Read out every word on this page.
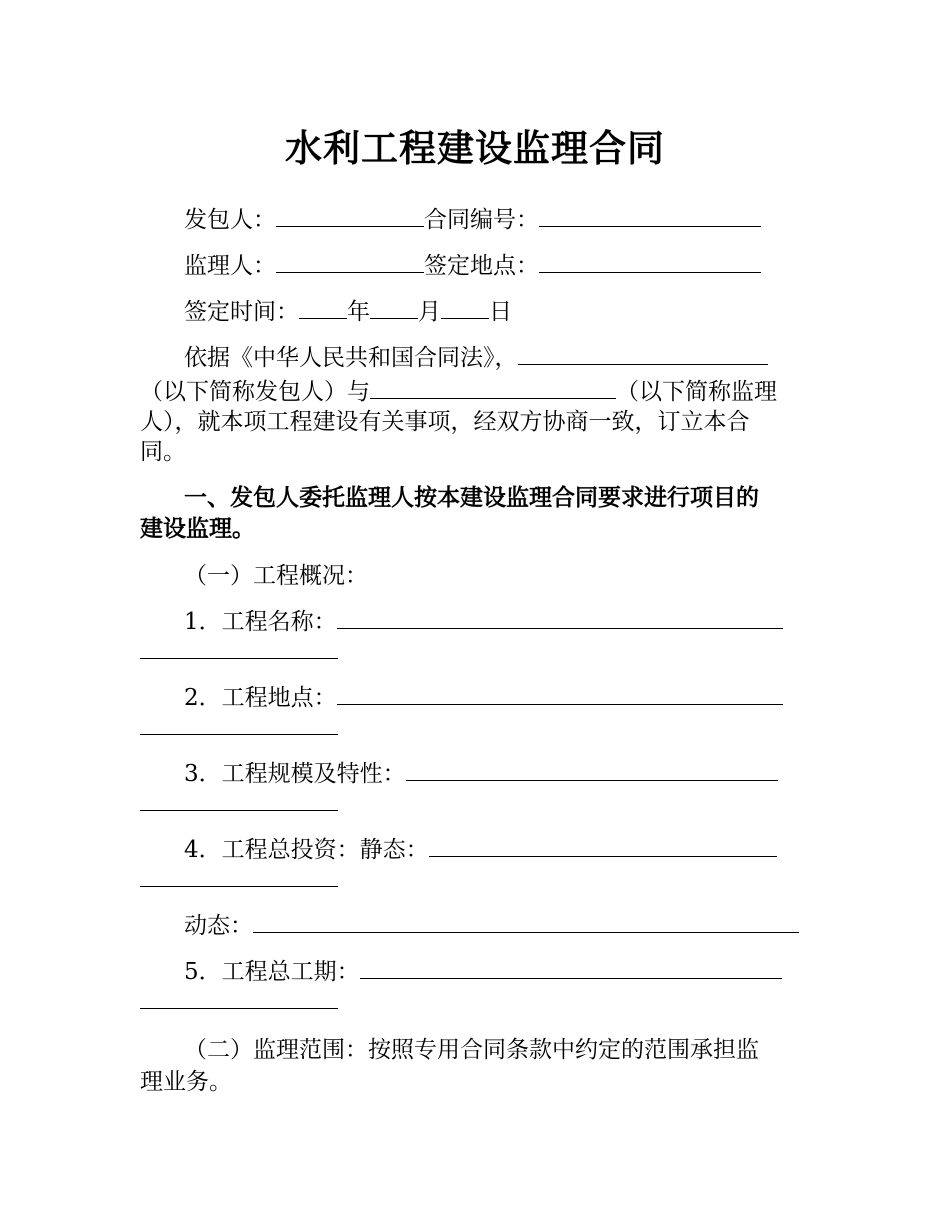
水利工程建设监理合同
发包人：	合同编号：
监理人：	签定地点：
签定时间： 年 月 日
依据《中华人民共和国合同法》，
（以下简称发包人）与	（以下简称监理
人），就本项工程建设有关事项，经双方协商一致，订立本合
同。
一、发包人委托监理人按本建设监理合同要求进行项目的
建设监理。
（一）工程概况：
1．工程名称：
2．工程地点：
3．工程规模及特性：
4．工程总投资：静态：
动态：
5．工程总工期：
（二）监理范围：按照专用合同条款中约定的范围承担监
理业务。
